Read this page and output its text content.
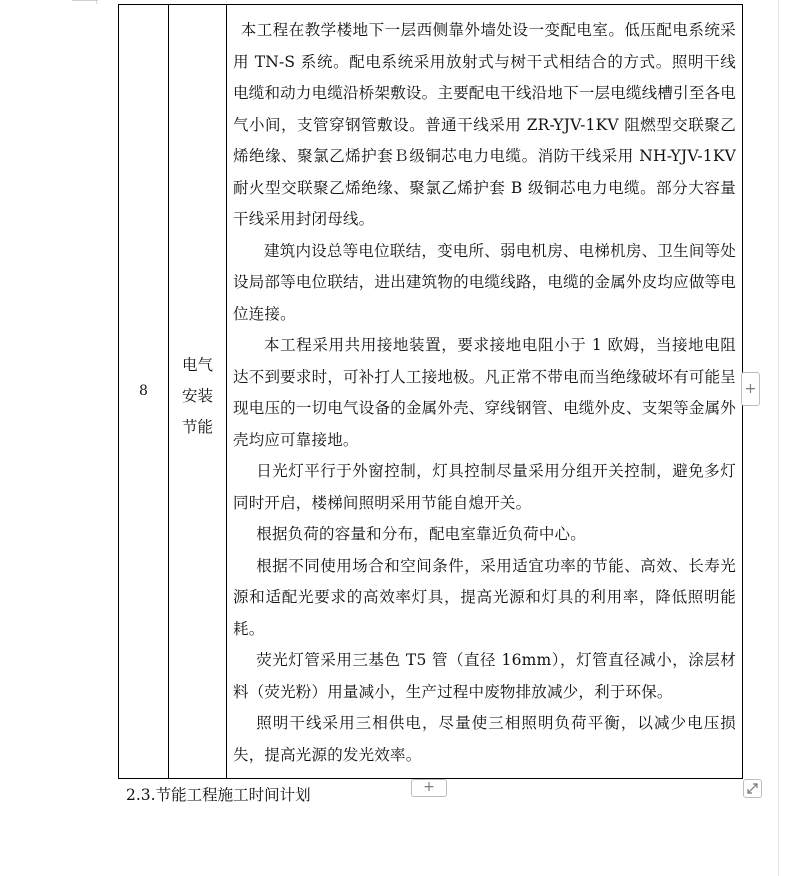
8
电气
安装
节能

本工程在教学楼地下一层西侧靠外墙处设一变配电室。低压配电系统采用 TN-S 系统。配电系统采用放射式与树干式相结合的方式。照明干线电缆和动力电缆沿桥架敷设。主要配电干线沿地下一层电缆线槽引至各电气小间，支管穿钢管敷设。普通干线采用 ZR-YJV-1KV 阻燃型交联聚乙烯绝缘、聚氯乙烯护套Ｂ级铜芯电力电缆。消防干线采用 NH-YJV-1KV 耐火型交联聚乙烯绝缘、聚氯乙烯护套 B 级铜芯电力电缆。部分大容量干线采用封闭母线。

建筑内设总等电位联结，变电所、弱电机房、电梯机房、卫生间等处设局部等电位联结，进出建筑物的电缆线路，电缆的金属外皮均应做等电位连接。

本工程采用共用接地装置，要求接地电阻小于 1 欧姆，当接地电阻达不到要求时，可补打人工接地极。凡正常不带电而当绝缘破坏有可能呈现电压的一切电气设备的金属外壳、穿线钢管、电缆外皮、支架等金属外壳均应可靠接地。

日光灯平行于外窗控制，灯具控制尽量采用分组开关控制，避免多灯同时开启，楼梯间照明采用节能自熄开关。

根据负荷的容量和分布，配电室靠近负荷中心。

根据不同使用场合和空间条件，采用适宜功率的节能、高效、长寿光源和适配光要求的高效率灯具，提高光源和灯具的利用率，降低照明能耗。

荧光灯管采用三基色 T5 管（直径 16mm），灯管直径减小，涂层材料（荧光粉）用量减小，生产过程中废物排放减少，利于环保。

照明干线采用三相供电，尽量使三相照明负荷平衡，以减少电压损失，提高光源的发光效率。

+
+
2.3.节能工程施工时间计划
